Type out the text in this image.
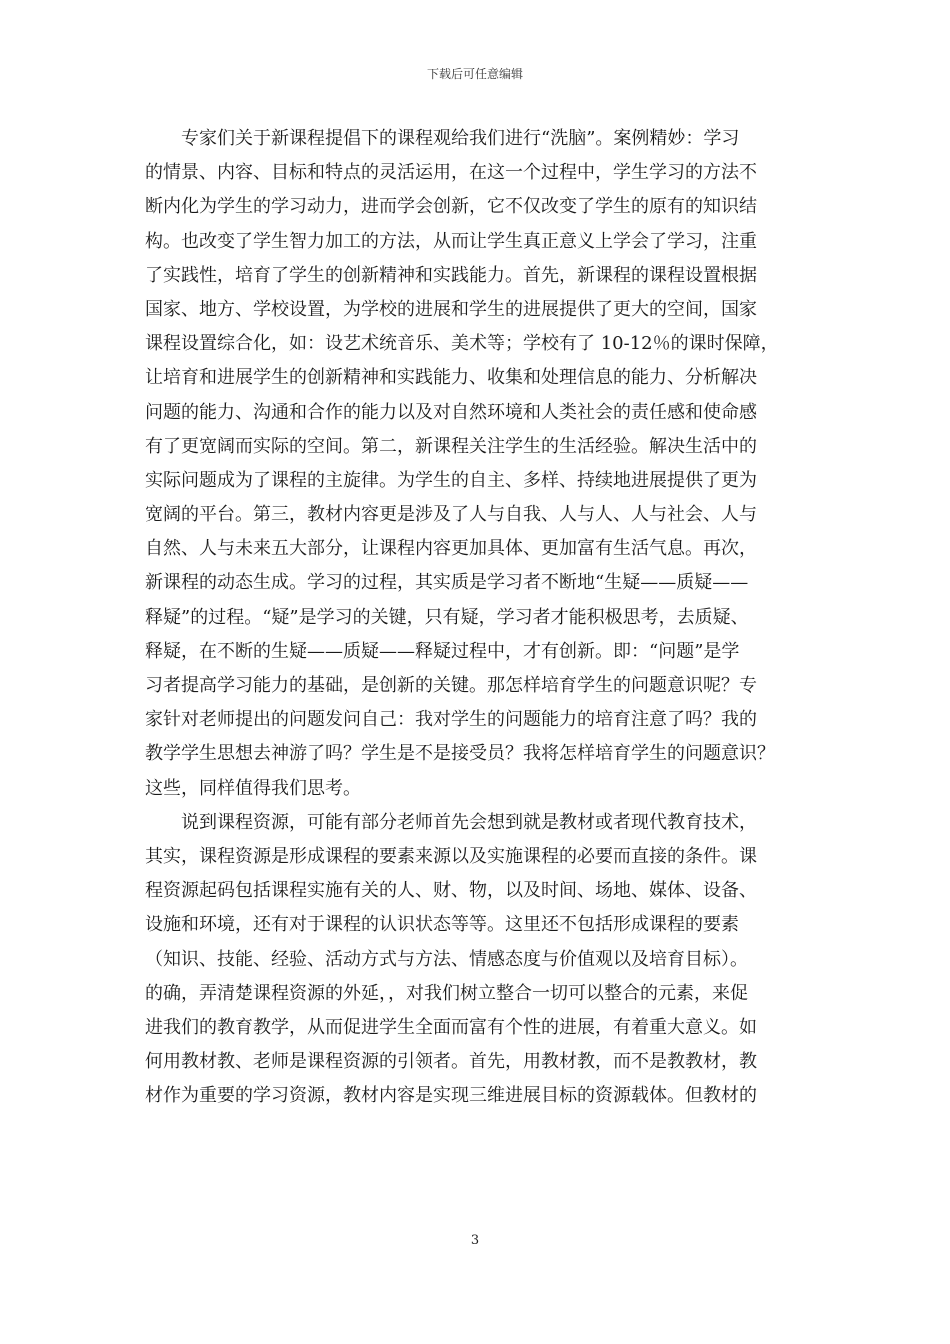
下载后可任意编辑
专家们关于新课程提倡下的课程观给我们进行“洗脑”。案例精妙：学习
的情景、内容、目标和特点的灵活运用，在这一个过程中，学生学习的方法不
断内化为学生的学习动力，进而学会创新，它不仅改变了学生的原有的知识结
构。也改变了学生智力加工的方法，从而让学生真正意义上学会了学习，注重
了实践性，培育了学生的创新精神和实践能力。首先，新课程的课程设置根据
国家、地方、学校设置，为学校的进展和学生的进展提供了更大的空间，国家
课程设置综合化，如：设艺术统音乐、美术等；学校有了 10-12％的课时保障，
让培育和进展学生的创新精神和实践能力、收集和处理信息的能力、分析解决
问题的能力、沟通和合作的能力以及对自然环境和人类社会的责任感和使命感
有了更宽阔而实际的空间。第二，新课程关注学生的生活经验。解决生活中的
实际问题成为了课程的主旋律。为学生的自主、多样、持续地进展提供了更为
宽阔的平台。第三，教材内容更是涉及了人与自我、人与人、人与社会、人与
自然、人与未来五大部分，让课程内容更加具体、更加富有生活气息。再次，
新课程的动态生成。学习的过程，其实质是学习者不断地“生疑——质疑——
释疑”的过程。“疑”是学习的关键，只有疑，学习者才能积极思考，去质疑、
释疑，在不断的生疑——质疑——释疑过程中，才有创新。即：“问题”是学
习者提高学习能力的基础，是创新的关键。那怎样培育学生的问题意识呢？专
家针对老师提出的问题发问自己：我对学生的问题能力的培育注意了吗？我的
教学学生思想去神游了吗？学生是不是接受员？我将怎样培育学生的问题意识？
这些，同样值得我们思考。
说到课程资源，可能有部分老师首先会想到就是教材或者现代教育技术，
其实，课程资源是形成课程的要素来源以及实施课程的必要而直接的条件。课
程资源起码包括课程实施有关的人、财、物，以及时间、场地、媒体、设备、
设施和环境，还有对于课程的认识状态等等。这里还不包括形成课程的要素
（知识、技能、经验、活动方式与方法、情感态度与价值观以及培育目标）。
的确，弄清楚课程资源的外延，，对我们树立整合一切可以整合的元素，来促
进我们的教育教学，从而促进学生全面而富有个性的进展，有着重大意义。如
何用教材教、老师是课程资源的引领者。首先，用教材教，而不是教教材，教
材作为重要的学习资源，教材内容是实现三维进展目标的资源载体。但教材的
3
